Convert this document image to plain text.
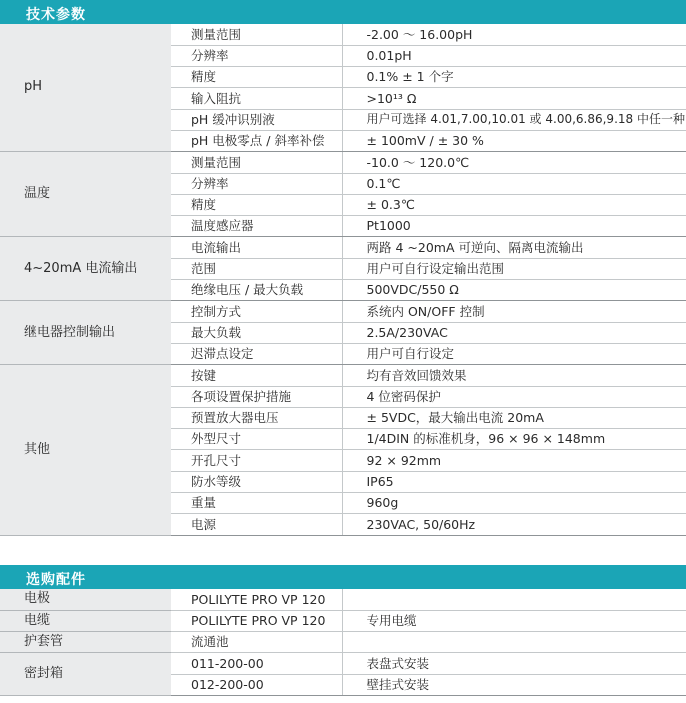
技术参数
pH	测量范围	-2.00 ～ 16.00pH
	分辨率	0.01pH
	精度	0.1% ± 1 个字
	输入阻抗	>10¹³ Ω
	pH 缓冲识别液	用户可选择 4.01,7.00,10.01 或 4.00,6.86,9.18 中任一种
	pH 电极零点 / 斜率补偿	± 100mV / ± 30 %
温度	测量范围	-10.0 ～ 120.0℃
	分辨率	0.1℃
	精度	± 0.3℃
	温度感应器	Pt1000
4~20mA 电流输出	电流输出	两路 4 ~20mA 可逆向、隔离电流输出
	范围	用户可自行设定输出范围
	绝缘电压 / 最大负载	500VDC/550 Ω
继电器控制输出	控制方式	系统内 ON/OFF 控制
	最大负载	2.5A/230VAC
	迟滞点设定	用户可自行设定
其他	按键	均有音效回馈效果
	各项设置保护措施	4 位密码保护
	预置放大器电压	± 5VDC，最大输出电流 20mA
	外型尺寸	1/4DIN 的标准机身，96 × 96 × 148mm
	开孔尺寸	92 × 92mm
	防水等级	IP65
	重量	960g
	电源	230VAC, 50/60Hz
选购配件
电极	POLILYTE PRO VP 120	
电缆	POLILYTE PRO VP 120	专用电缆
护套管	流通池	
密封箱	011-200-00	表盘式安装
	012-200-00	壁挂式安装
